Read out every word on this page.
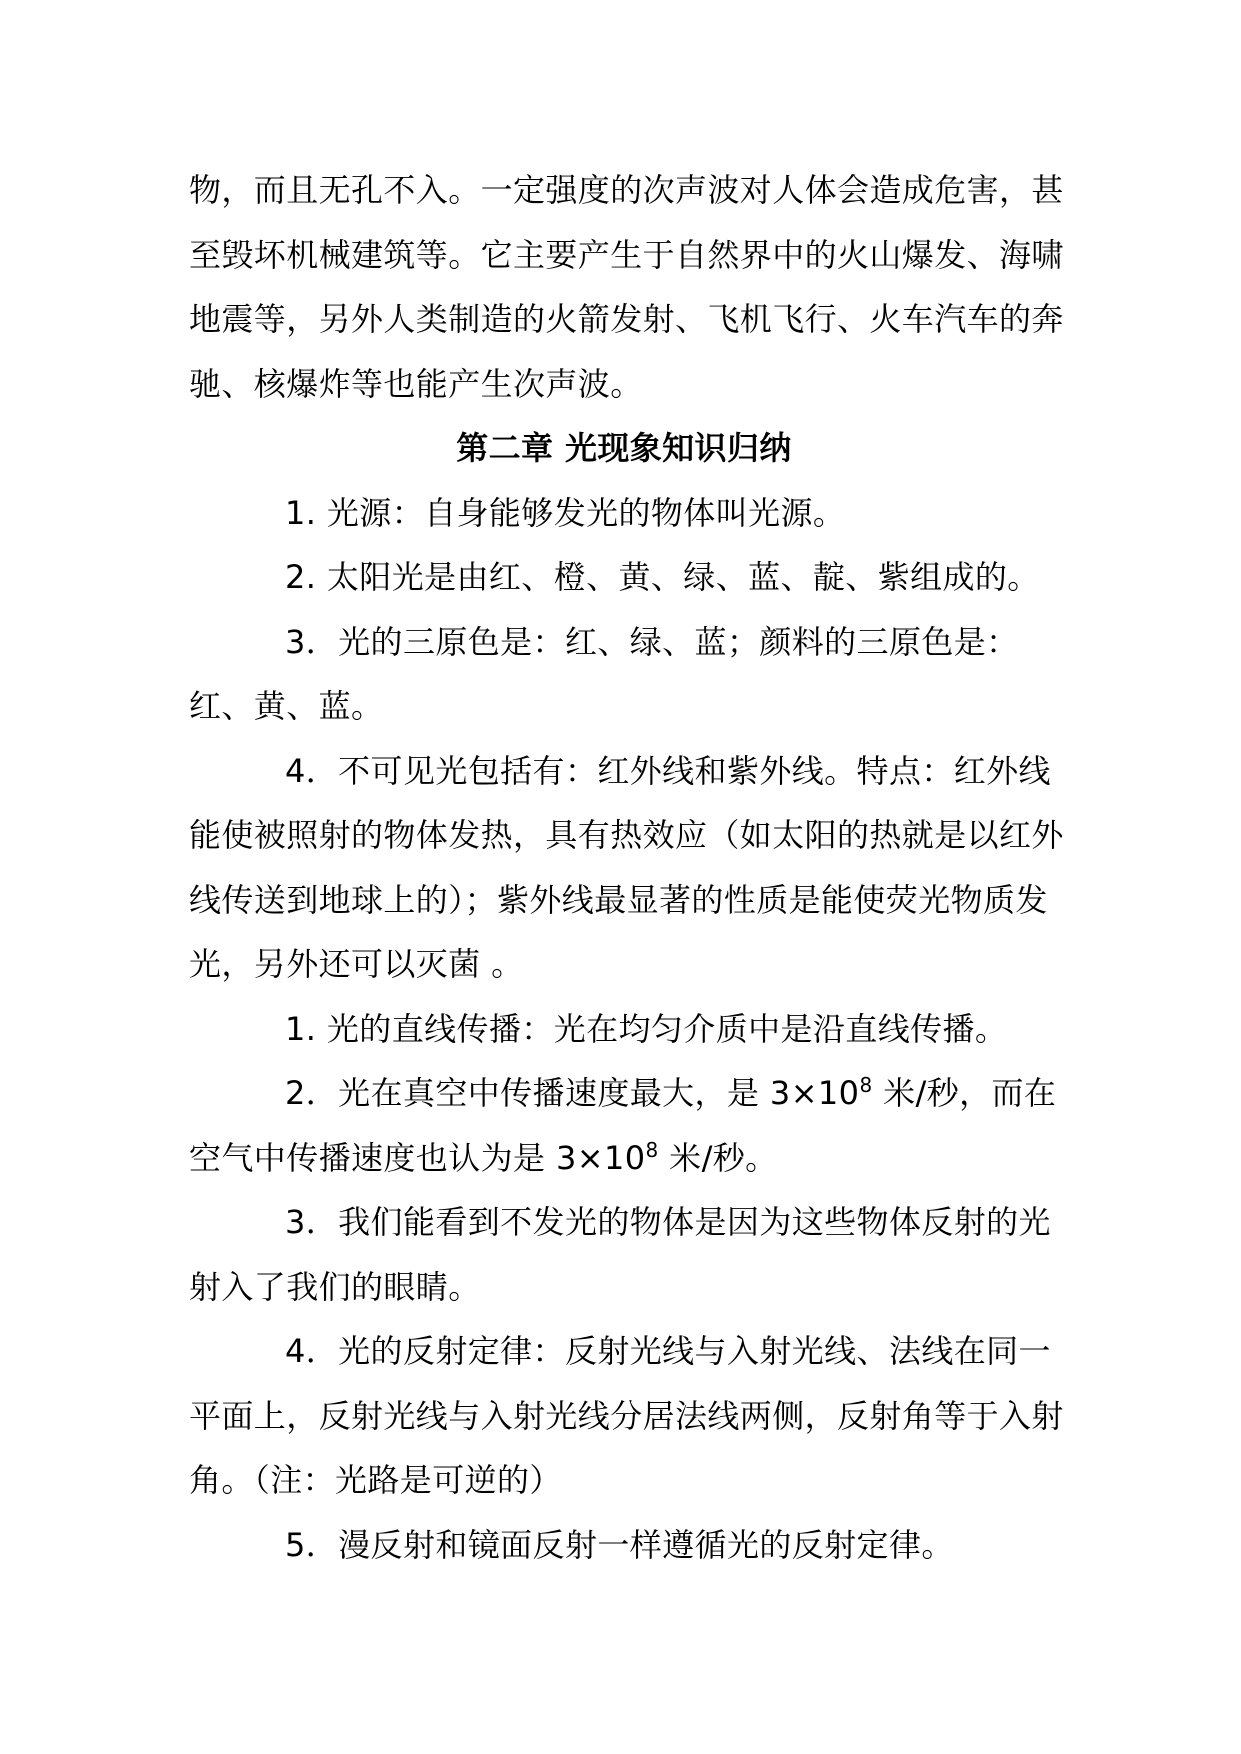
物，而且无孔不入。一定强度的次声波对人体会造成危害，甚至毁坏机械建筑等。它主要产生于自然界中的火山爆发、海啸地震等，另外人类制造的火箭发射、飞机飞行、火车汽车的奔驰、核爆炸等也能产生次声波。

第二章 光现象知识归纳

1. 光源：自身能够发光的物体叫光源。

2. 太阳光是由红、橙、黄、绿、蓝、靛、紫组成的。

3．光的三原色是：红、绿、蓝；颜料的三原色是：红、黄、蓝。

4．不可见光包括有：红外线和紫外线。特点：红外线能使被照射的物体发热，具有热效应（如太阳的热就是以红外线传送到地球上的）；紫外线最显著的性质是能使荧光物质发光，另外还可以灭菌 。

1. 光的直线传播：光在均匀介质中是沿直线传播。

2．光在真空中传播速度最大，是 $3\times 10^8$ 米/秒，而在空气中传播速度也认为是 $3\times 10^8$ 米/秒。

3．我们能看到不发光的物体是因为这些物体反射的光射入了我们的眼睛。

4．光的反射定律：反射光线与入射光线、法线在同一平面上，反射光线与入射光线分居法线两侧，反射角等于入射角。（注：光路是可逆的）

5．漫反射和镜面反射一样遵循光的反射定律。
